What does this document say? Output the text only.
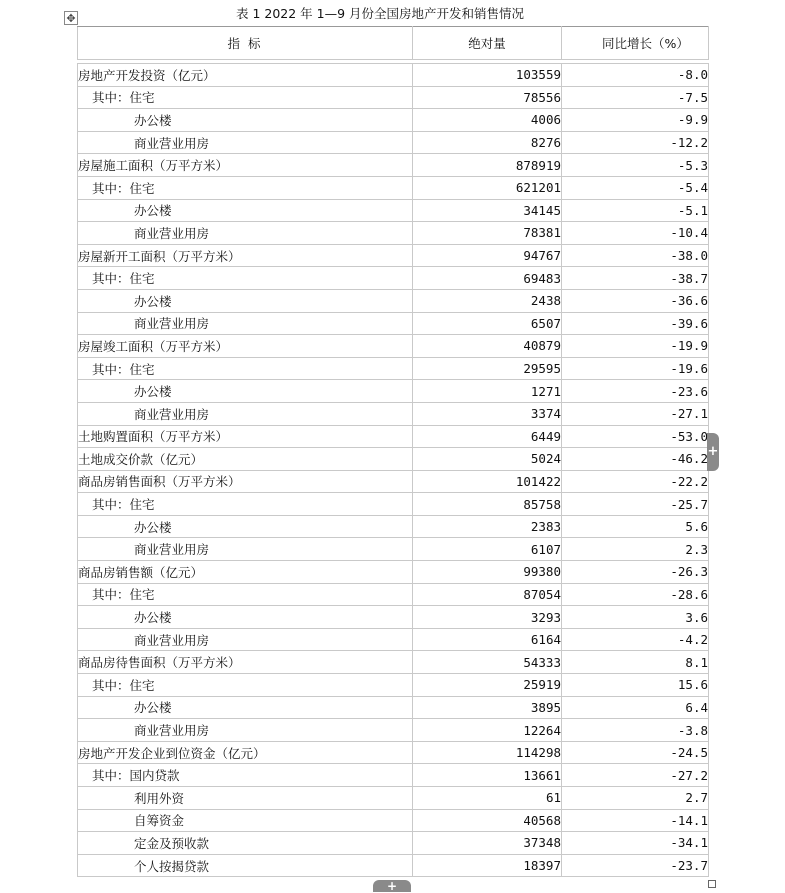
✥	表 1 2022 年 1—9 月份全国房地产开发和销售情况
指 标	绝对量	同比增长（%）

房地产开发投资（亿元）	103559	-8.0
其中：住宅	78556	-7.5
办公楼	4006	-9.9
商业营业用房	8276	-12.2
房屋施工面积（万平方米）	878919	-5.3
其中：住宅	621201	-5.4
办公楼	34145	-5.1
商业营业用房	78381	-10.4
房屋新开工面积（万平方米）	94767	-38.0
其中：住宅	69483	-38.7
办公楼	2438	-36.6
商业营业用房	6507	-39.6
房屋竣工面积（万平方米）	40879	-19.9
其中：住宅	29595	-19.6
办公楼	1271	-23.6
商业营业用房	3374	-27.1
土地购置面积（万平方米）	6449	-53.0
土地成交价款（亿元）	5024	-46.2
商品房销售面积（万平方米）	101422	-22.2
其中：住宅	85758	-25.7
办公楼	2383	5.6
商业营业用房	6107	2.3
商品房销售额（亿元）	99380	-26.3
其中：住宅	87054	-28.6
办公楼	3293	3.6
商业营业用房	6164	-4.2
商品房待售面积（万平方米）	54333	8.1
其中：住宅	25919	15.6
办公楼	3895	6.4
商业营业用房	12264	-3.8
房地产开发企业到位资金（亿元）	114298	-24.5
其中：国内贷款	13661	-27.2
利用外资	61	2.7
自筹资金	40568	-14.1
定金及预收款	37348	-34.1
个人按揭贷款	18397	-23.7
+
+
